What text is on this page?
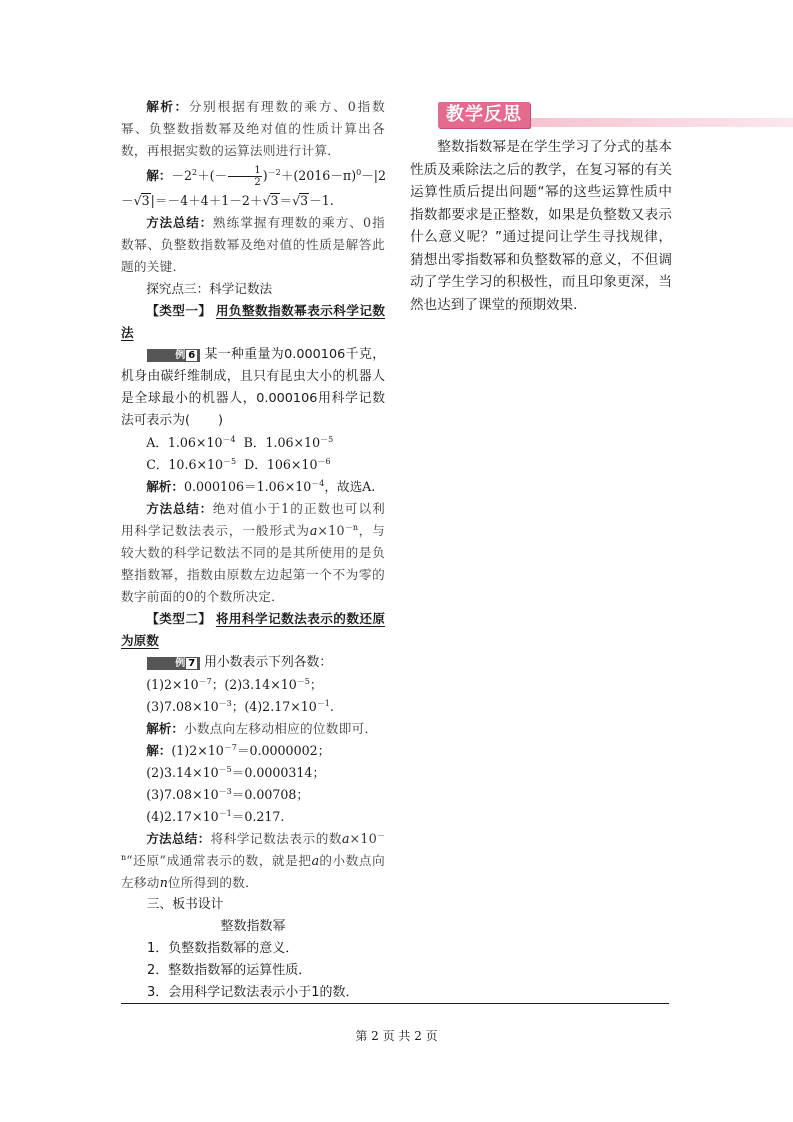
解析：分别根据有理数的乘方、0指数幂、负整数指数幂及绝对值的性质计算出各数，再根据实数的运算法则进行计算．

解：$-2^2+(- \frac{1}{2} )^{-2}+(2016-\pi)^0-|2$

－√3|＝－4＋4＋1－2＋√3＝√3－1.

方法总结：熟练掌握有理数的乘方、0指数幂、负整数指数幂及绝对值的性质是解答此题的关键．

探究点三：科学记数法

【类型一】 用负整数指数幂表示科学记数法

例 6 某一种重量为0.000106千克，机身由碳纤维制成，且只有昆虫大小的机器人是全球最小的机器人，0.000106用科学记数法可表示为( )

A．$1.06\times 10^{-4}$ B．$1.06\times 10^{-5}$

C．$10.6\times 10^{-5}$ D．$106\times 10^{-6}$

解析：$0.000106=1.06\times 10^{-4}$，故选A.

方法总结：绝对值小于1的正数也可以利用科学记数法表示，一般形式为$a\times 10^{-n}$，与较大数的科学记数法不同的是其所使用的是负整指数幂，指数由原数左边起第一个不为零的数字前面的0的个数所决定．

【类型二】 将用科学记数法表示的数还原为原数

例 7 用小数表示下列各数：

$(1)2\times 10^{-7}$；$(2)3.14\times 10^{-5}$；

$(3)7.08\times 10^{-3}$；$(4)2.17\times 10^{-1}$.

解析：小数点向左移动相应的位数即可．

解：$(1)2\times 10^{-7}=0.0000002$；

$(2)3.14\times 10^{-5}=0.0000314$；

$(3)7.08\times 10^{-3}=0.00708$；

$(4)2.17\times 10^{-1}=0.217$.

方法总结：将科学记数法表示的数$a\times 10^{-n}“$还原”成通常表示的数，就是把a的小数点向左移动n位所得到的数．

三、板书设计

整数指数幂

1．负整数指数幂的意义．

2．整数指数幂的运算性质．

3．会用科学记数法表示小于1的数．

教学反思

整数指数幂是在学生学习了分式的基本性质及乘除法之后的教学，在复习幂的有关运算性质后提出问题“幂的这些运算性质中指数都要求是正整数，如果是负整数又表示什么意义呢？”通过提问让学生寻找规律，猜想出零指数幂和负整数幂的意义，不但调动了学生学习的积极性，而且印象更深，当然也达到了课堂的预期效果．

第 2 页 共 2 页
